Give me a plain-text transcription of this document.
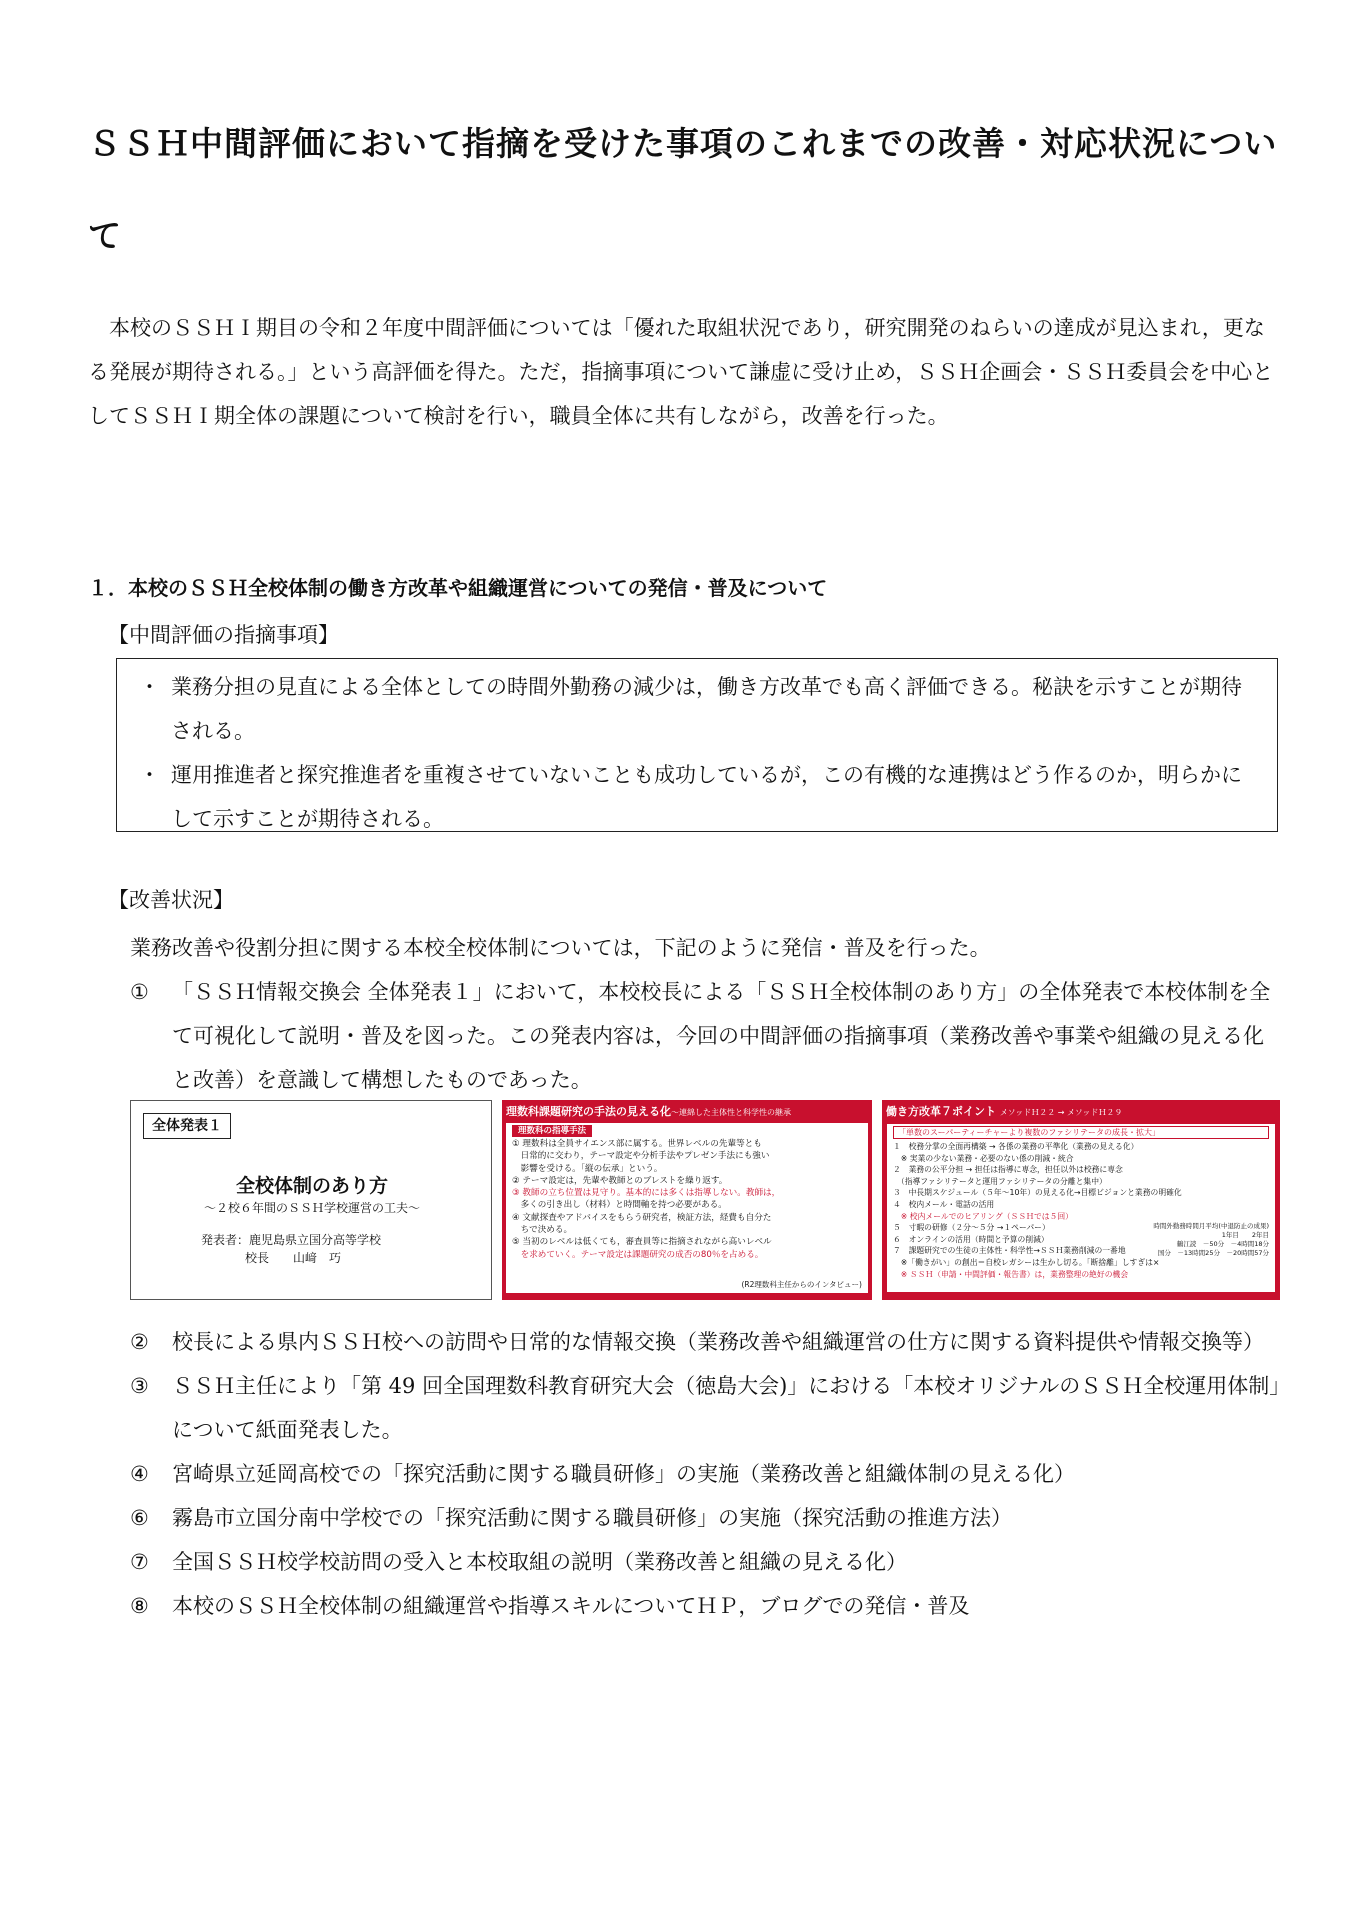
ＳＳＨ中間評価において指摘を受けた事項のこれまでの改善・対応状況について

本校のＳＳＨＩ期目の令和２年度中間評価については「優れた取組状況であり，研究開発のねらいの達成が見込まれ，更なる発展が期待される。」という高評価を得た。ただ，指摘事項について謙虚に受け止め，ＳＳＨ企画会・ＳＳＨ委員会を中心としてＳＳＨＩ期全体の課題について検討を行い，職員全体に共有しながら，改善を行った。

１．本校のＳＳＨ全校体制の働き方改革や組織運営についての発信・普及について
【中間評価の指摘事項】
・ 業務分担の見直による全体としての時間外勤務の減少は，働き方改革でも高く評価できる。秘訣を示すことが期待される。
・ 運用推進者と探究推進者を重複させていないことも成功しているが，この有機的な連携はどう作るのか，明らかにして示すことが期待される。
【改善状況】

業務改善や役割分担に関する本校全校体制については，下記のように発信・普及を行った。

① 「ＳＳＨ情報交換会 全体発表１」において，本校校長による「ＳＳＨ全校体制のあり方」の全体発表で本校体制を全て可視化して説明・普及を図った。この発表内容は，今回の中間評価の指摘事項（業務改善や事業や組織の見える化と改善）を意識して構想したものであった。
全体発表１
全校体制のあり方
～２校６年間のＳＳＨ学校運営の工夫～
発表者：鹿児島県立国分高等学校
校長　　山﨑　巧
理数科課題研究の手法の見える化～連綿した主体性と科学性の継承
理数科の指導手法
① 理数科は全員サイエンス部に属する。世界レベルの先輩等とも
　日常的に交わり，テーマ設定や分析手法やプレゼン手法にも強い
　影響を受ける。「縦の伝承」という。
② テーマ設定は，先輩や教師とのブレストを繰り返す。
③ 教師の立ち位置は見守り。基本的には多くは指導しない。教師は，
　多くの引き出し（材料）と時間軸を持つ必要がある。
④ 文献探査やアドバイスをもらう研究者，検証方法，経費も自分た
　ちで決める。
⑤ 当初のレベルは低くても，審査員等に指摘されながら高いレベル
　を求めていく。テーマ設定は課題研究の成否の80％を占める。
(R2理数科主任からのインタビュー)
働き方改革７ポイント メソッドＨ２２ → メソッドＨ２９
「単数のスーパーティーチャーより複数のファシリテータの成長・拡大」
１　校務分掌の全面再構築 → 各係の業務の平準化（業務の見える化）
　※ 実業の少ない業務・必要のない係の削減・統合
２　業務の公平分担 → 担任は指導に専念，担任以外は校務に専念
　（指導ファシリテータと運用ファシリテータの分離と集中）
３　中長期スケジュール（５年～10年）の見える化→目標ビジョンと業務の明確化
４　校内メール・電話の活用
　※ 校内メールでのヒアリング（ＳＳＨでは５回）
５　寸暇の研修（２分～５分 →１ペーパー）
６　オンラインの活用（時間と予算の削減）
７　課題研究での生徒の主体性・科学性→ＳＳＨ業務削減の一番地
　※「働きがい」の創出＝自校レガシーは生かし切る。「断捨離」しすぎは×
　※ ＳＳＨ（申請・中間評価・報告書）は，業務整理の絶好の機会
時間外勤務時間月平均(中退防止の成果)
1年目　　 2年目
鶴江読　－50分　－4時間18分
国分　－13時間25分　－20時間57分
② 校長による県内ＳＳＨ校への訪問や日常的な情報交換（業務改善や組織運営の仕方に関する資料提供や情報交換等）
③ ＳＳＨ主任により「第 49 回全国理数科教育研究大会（徳島大会)」における「本校オリジナルのＳＳＨ全校運用体制」について紙面発表した。
④ 宮崎県立延岡高校での「探究活動に関する職員研修」の実施（業務改善と組織体制の見える化）
⑥ 霧島市立国分南中学校での「探究活動に関する職員研修」の実施（探究活動の推進方法）
⑦ 全国ＳＳＨ校学校訪問の受入と本校取組の説明（業務改善と組織の見える化）
⑧ 本校のＳＳＨ全校体制の組織運営や指導スキルについてＨＰ，ブログでの発信・普及
